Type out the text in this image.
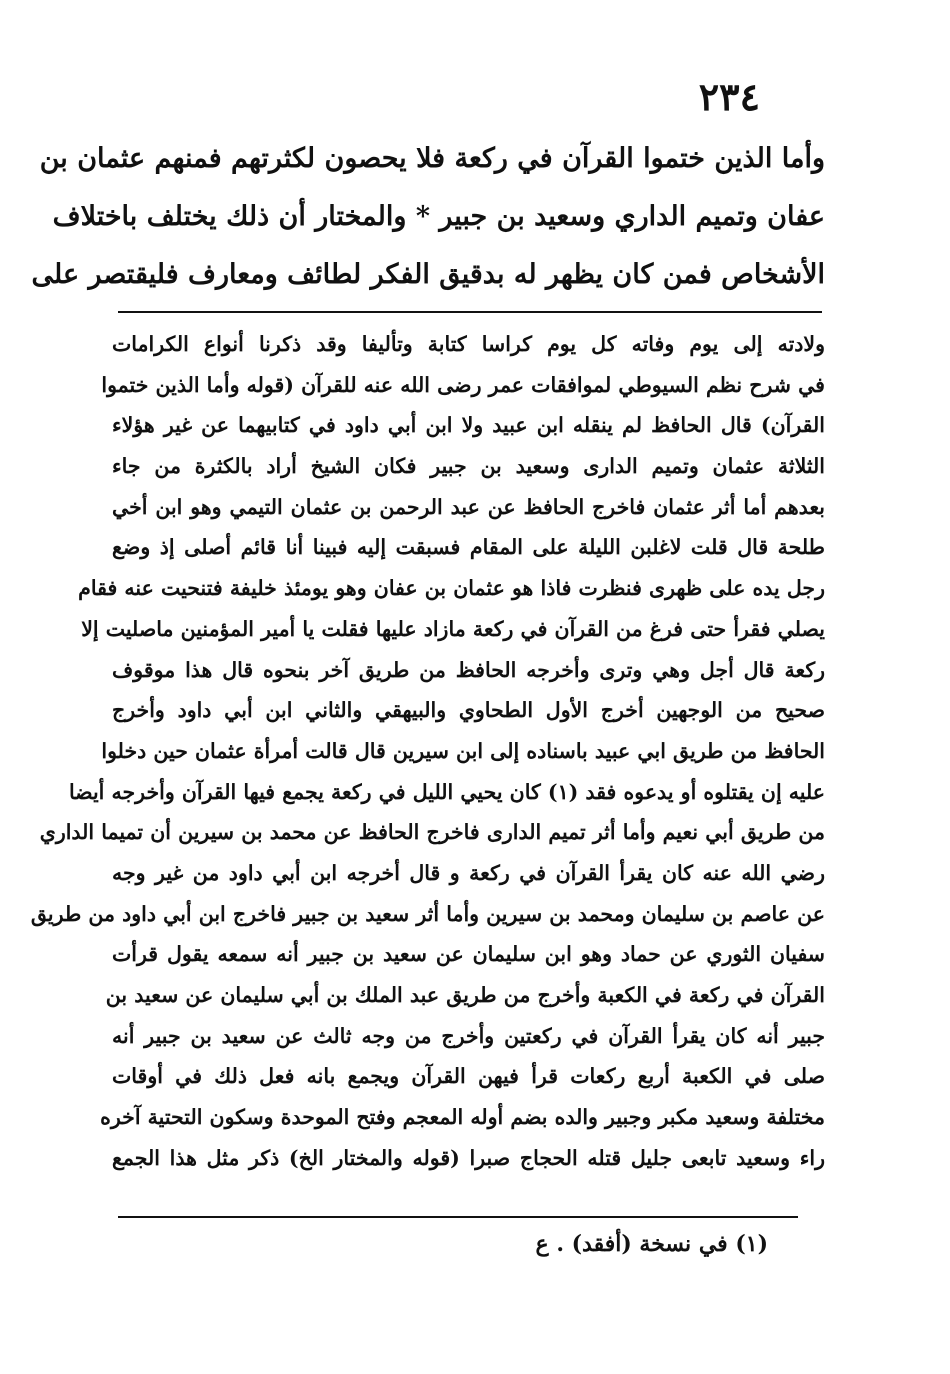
٢٣٤
وأما الذين ختموا القرآن في ركعة فلا يحصون لكثرتهم فمنهم عثمان بن
عفان وتميم الداري وسعيد بن جبير * والمختار أن ذلك يختلف باختلاف
الأشخاص فمن كان يظهر له بدقيق الفكر لطائف ومعارف فليقتصر على
ولادته إلى يوم وفاته كل يوم كراسا كتابة وتأليفا وقد ذكرنا أنواع الكرامات
في شرح نظم السيوطي لموافقات عمر رضى الله عنه للقرآن (قوله وأما الذين ختموا
القرآن) قال الحافظ لم ينقله ابن عبيد ولا ابن أبي داود في كتابيهما عن غير هؤلاء
الثلاثة عثمان وتميم الدارى وسعيد بن جبير فكان الشيخ أراد بالكثرة من جاء
بعدهم أما أثر عثمان فاخرج الحافظ عن عبد الرحمن بن عثمان التيمي وهو ابن أخي
طلحة قال قلت لاغلبن الليلة على المقام فسبقت إليه فبينا أنا قائم أصلى إذ وضع
رجل يده على ظهرى فنظرت فاذا هو عثمان بن عفان وهو يومئذ خليفة فتنحيت عنه فقام
يصلي فقرأ حتى فرغ من القرآن في ركعة مازاد عليها فقلت يا أمير المؤمنين ماصليت إلا
ركعة قال أجل وهي وترى وأخرجه الحافظ من طريق آخر بنحوه قال هذا موقوف
صحيح من الوجهين أخرج الأول الطحاوي والبيهقي والثاني ابن أبي داود وأخرج
الحافظ من طريق ابي عبيد باسناده إلى ابن سيرين قال قالت أمرأة عثمان حين دخلوا
عليه إن يقتلوه أو يدعوه فقد (١) كان يحيي الليل في ركعة يجمع فيها القرآن وأخرجه أيضا
من طريق أبي نعيم وأما أثر تميم الدارى فاخرج الحافظ عن محمد بن سيرين أن تميما الداري
رضي الله عنه كان يقرأ القرآن في ركعة و قال أخرجه ابن أبي داود من غير وجه
عن عاصم بن سليمان ومحمد بن سيرين وأما أثر سعيد بن جبير فاخرج ابن أبي داود من طريق
سفيان الثوري عن حماد وهو ابن سليمان عن سعيد بن جبير أنه سمعه يقول قرأت
القرآن في ركعة في الكعبة وأخرج من طريق عبد الملك بن أبي سليمان عن سعيد بن
جبير أنه كان يقرأ القرآن في ركعتين وأخرج من وجه ثالث عن سعيد بن جبير أنه
صلى في الكعبة أربع ركعات قرأ فيهن القرآن ويجمع بانه فعل ذلك في أوقات
مختلفة وسعيد مكبر وجبير والده بضم أوله المعجم وفتح الموحدة وسكون التحتية آخره
راء وسعيد تابعى جليل قتله الحجاج صبرا (قوله والمختار الخ) ذكر مثل هذا الجمع
(١) في نسخة (أفقد) . ع
